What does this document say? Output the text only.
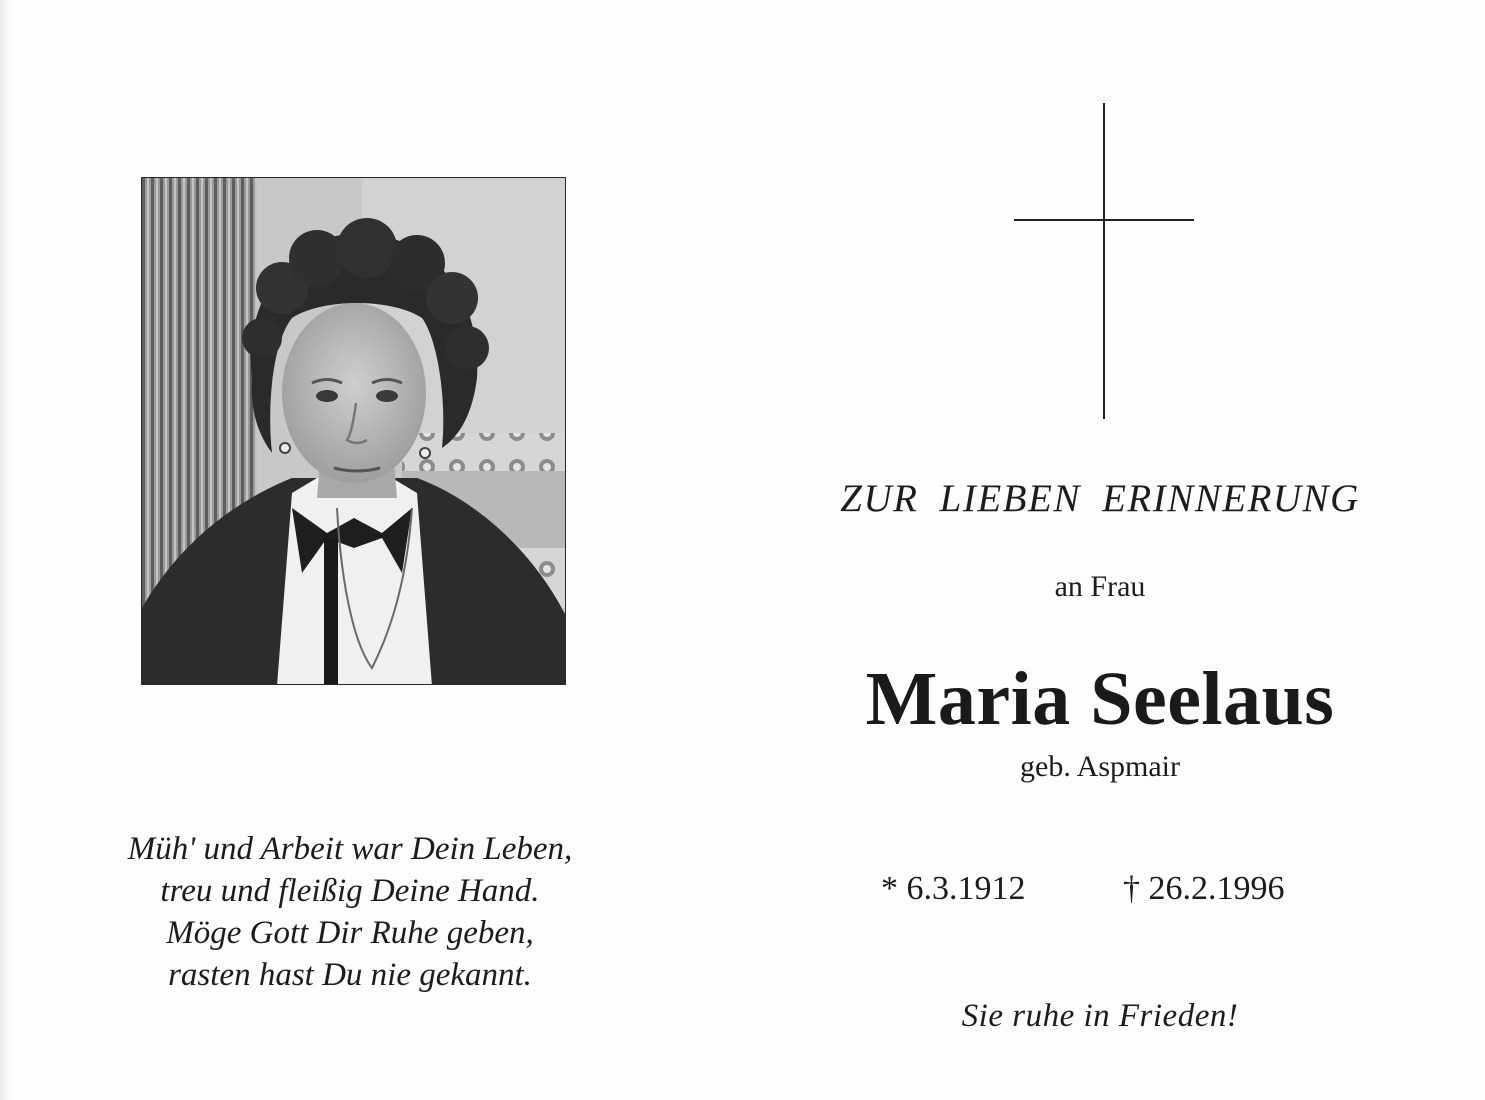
Müh' und Arbeit war Dein Leben,
treu und fleißig Deine Hand.
Möge Gott Dir Ruhe geben,
rasten hast Du nie gekannt.
ZUR LIEBEN ERINNERUNG
an Frau
Maria Seelaus
geb. Aspmair
* 6.3.1912	† 26.2.1996
Sie ruhe in Frieden!
